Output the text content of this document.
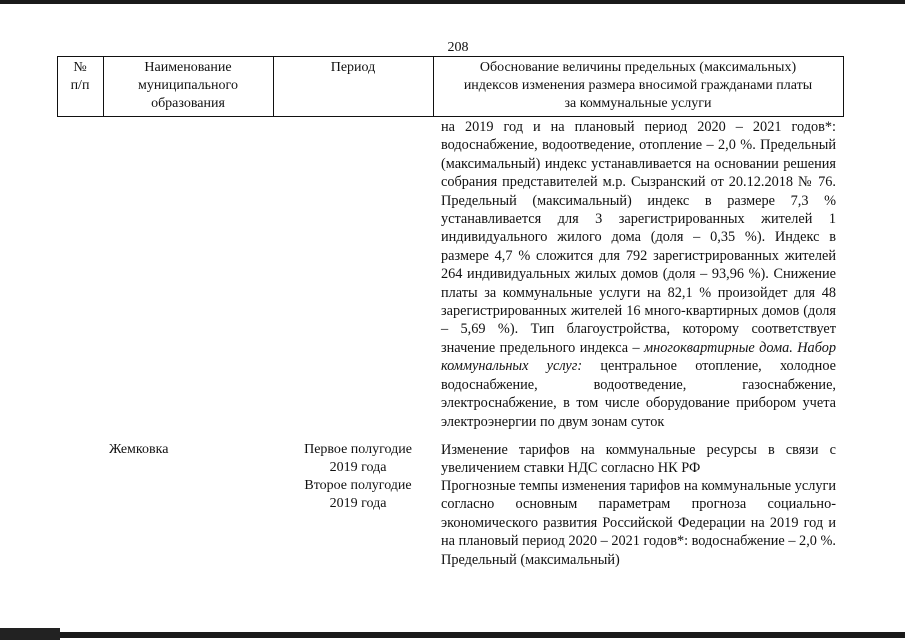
208
№
п/п
Наименование
муниципального
образования
Период	Обоснование величины предельных (максимальных)
индексов изменения размера вносимой гражданами платы
за коммунальные услуги

на 2019 год и на плановый период 2020 – 2021 годов*: водоснабжение, водоотведение, отопление – 2,0 %. Предельный (максимальный) индекс устанавливается на основании решения собрания представителей м.р. Сызранский от 20.12.2018 № 76. Предельный (максимальный) индекс в размере 7,3 % устанавливается для 3 зарегистрированных жителей 1 индивидуального жилого дома (доля – 0,35 %). Индекс в размере 4,7 % сложится для 792 зарегистрированных жителей 264 индивидуальных жилых домов (доля – 93,96 %). Снижение платы за коммунальные услуги на 82,1 % произойдет для 48 зарегистрированных жителей 16 много-квартирных домов (доля – 5,69 %). Тип благоустройства, которому соответствует значение предельного индекса – многоквартирные дома. Набор коммунальных услуг: центральное отопление, холодное водоснабжение, водоотведение, газоснабжение, электроснабжение, в том числе оборудование прибором учета электроэнергии по двум зонам суток

Жемковка	Первое полугодие
2019 года
Второе полугодие
2019 года
Изменение тарифов на коммунальные ресурсы в связи с увеличением ставки НДС согласно НК РФ
Прогнозные темпы изменения тарифов на коммунальные услуги согласно основным параметрам прогноза социально-экономического развития Российской Федерации на 2019 год и на плановый период 2020 – 2021 годов*: водоснабжение – 2,0 %. Предельный (максимальный)
